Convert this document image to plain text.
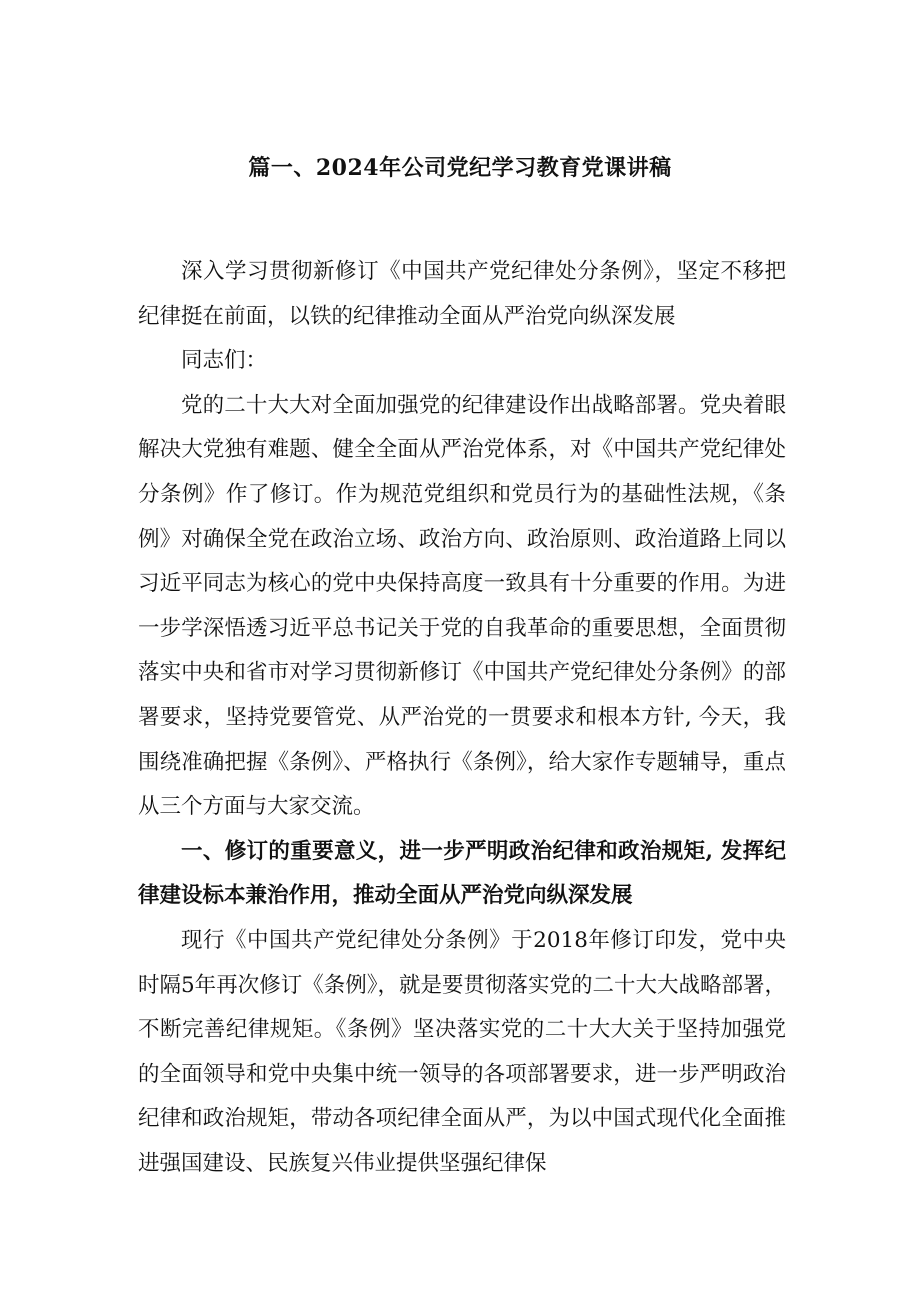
篇一、2024年公司党纪学习教育党课讲稿

深入学习贯彻新修订《中国共产党纪律处分条例》，坚定不移把纪律挺在前面，以铁的纪律推动全面从严治党向纵深发展

同志们：

党的二十大大对全面加强党的纪律建设作出战略部署。党央着眼解决大党独有难题、健全全面从严治党体系，对《中国共产党纪律处分条例》作了修订。作为规范党组织和党员行为的基础性法规，《条例》对确保全党在政治立场、政治方向、政治原则、政治道路上同以习近平同志为核心的党中央保持高度一致具有十分重要的作用。为进一步学深悟透习近平总书记关于党的自我革命的重要思想，全面贯彻落实中央和省市对学习贯彻新修订《中国共产党纪律处分条例》的部署要求，坚持党要管党、从严治党的一贯要求和根本方针, 今天，我围绕准确把握《条例》、严格执行《条例》，给大家作专题辅导，重点从三个方面与大家交流。

一、修订的重要意义，进一步严明政治纪律和政治规矩, 发挥纪律建设标本兼治作用，推动全面从严治党向纵深发展

现行《中国共产党纪律处分条例》于2018年修订印发，党中央时隔5年再次修订《条例》，就是要贯彻落实党的二十大大战略部署，不断完善纪律规矩。《条例》坚决落实党的二十大大关于坚持加强党的全面领导和党中央集中统一领导的各项部署要求，进一步严明政治纪律和政治规矩，带动各项纪律全面从严，为以中国式现代化全面推进强国建设、民族复兴伟业提供坚强纪律保
